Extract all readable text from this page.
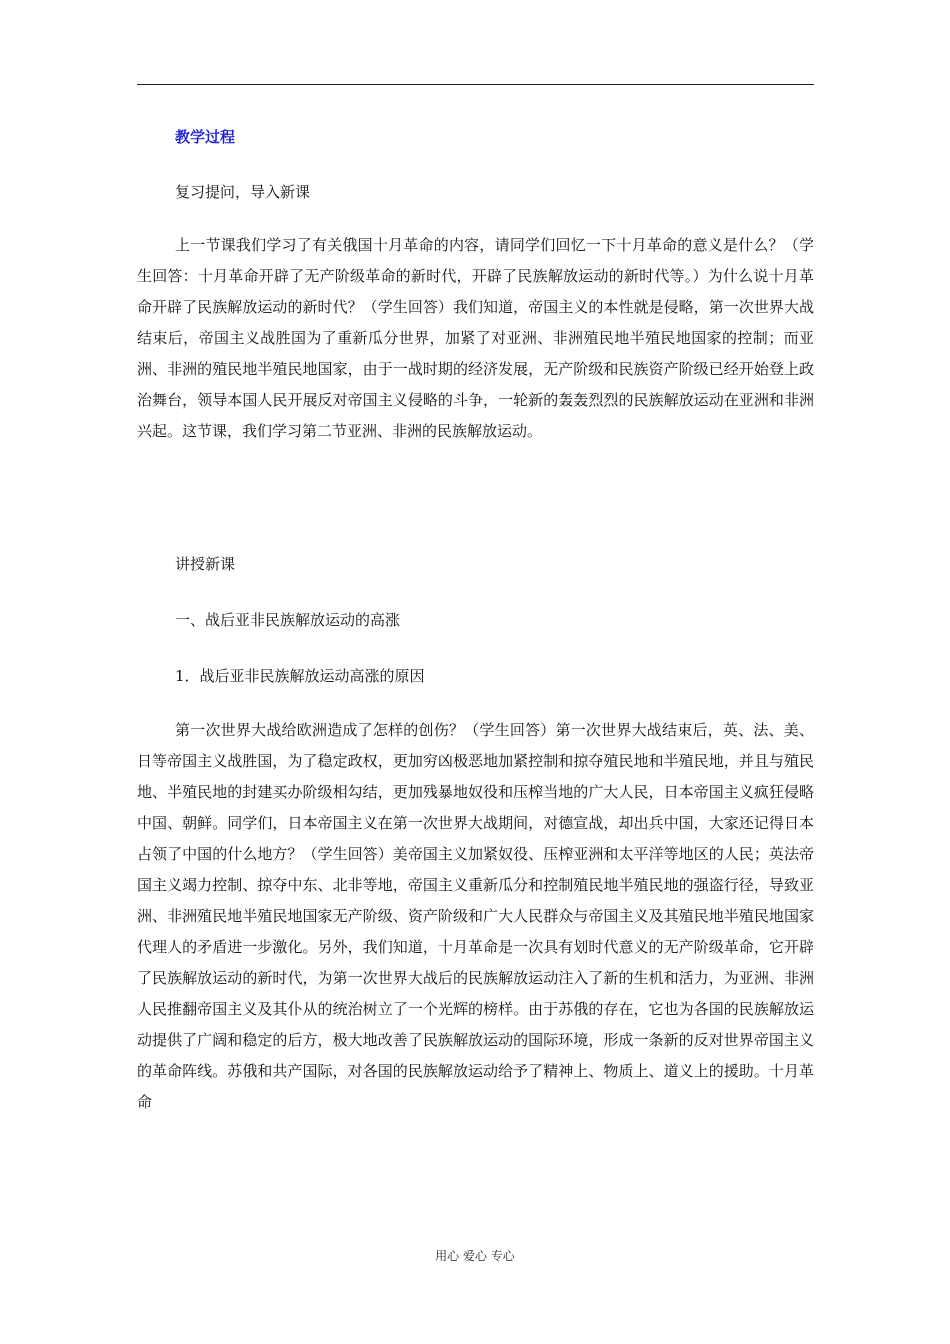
教学过程
复习提问，导入新课

上一节课我们学习了有关俄国十月革命的内容，请同学们回忆一下十月革命的意义是什么？（学生回答：十月革命开辟了无产阶级革命的新时代，开辟了民族解放运动的新时代等。）为什么说十月革命开辟了民族解放运动的新时代？（学生回答）我们知道，帝国主义的本性就是侵略，第一次世界大战结束后，帝国主义战胜国为了重新瓜分世界，加紧了对亚洲、非洲殖民地半殖民地国家的控制；而亚洲、非洲的殖民地半殖民地国家，由于一战时期的经济发展，无产阶级和民族资产阶级已经开始登上政治舞台，领导本国人民开展反对帝国主义侵略的斗争，一轮新的轰轰烈烈的民族解放运动在亚洲和非洲兴起。这节课，我们学习第二节亚洲、非洲的民族解放运动。

讲授新课
一、战后亚非民族解放运动的高涨
1．战后亚非民族解放运动高涨的原因

第一次世界大战给欧洲造成了怎样的创伤？（学生回答）第一次世界大战结束后，英、法、美、日等帝国主义战胜国，为了稳定政权，更加穷凶极恶地加紧控制和掠夺殖民地和半殖民地，并且与殖民地、半殖民地的封建买办阶级相勾结，更加残暴地奴役和压榨当地的广大人民，日本帝国主义疯狂侵略中国、朝鲜。同学们，日本帝国主义在第一次世界大战期间，对德宣战，却出兵中国，大家还记得日本占领了中国的什么地方？（学生回答）美帝国主义加紧奴役、压榨亚洲和太平洋等地区的人民；英法帝国主义竭力控制、掠夺中东、北非等地，帝国主义重新瓜分和控制殖民地半殖民地的强盗行径，导致亚洲、非洲殖民地半殖民地国家无产阶级、资产阶级和广大人民群众与帝国主义及其殖民地半殖民地国家代理人的矛盾进一步激化。另外，我们知道，十月革命是一次具有划时代意义的无产阶级革命，它开辟了民族解放运动的新时代，为第一次世界大战后的民族解放运动注入了新的生机和活力，为亚洲、非洲人民推翻帝国主义及其仆从的统治树立了一个光辉的榜样。由于苏俄的存在，它也为各国的民族解放运动提供了广阔和稳定的后方，极大地改善了民族解放运动的国际环境，形成一条新的反对世界帝国主义的革命阵线。苏俄和共产国际，对各国的民族解放运动给予了精神上、物质上、道义上的援助。十月革命

用心 爱心 专心
